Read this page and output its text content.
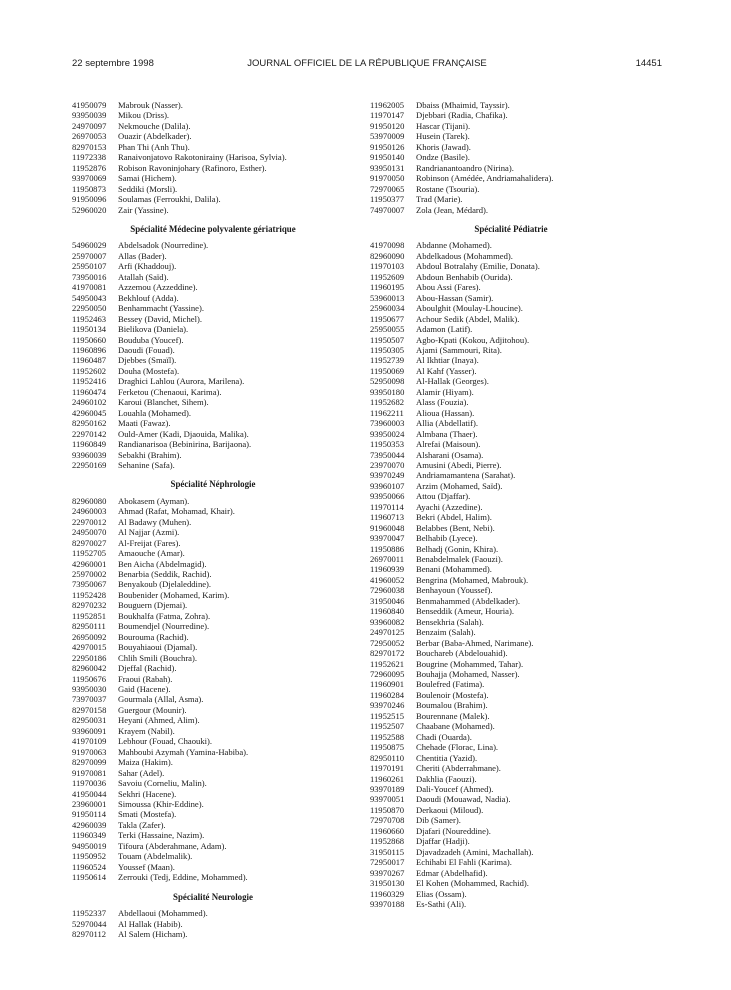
22 septembre 1998	JOURNAL OFFICIEL DE LA RÉPUBLIQUE FRANÇAISE	14451
41950079 Mabrouk (Nasser).
93950039 Mikou (Driss).
24970097 Nekmouche (Dalila).
26970053 Ouazir (Abdelkader).
82970153 Phan Thi (Anh Thu).
11972338 Ranaivonjatovo Rakotonirainy (Harisoa, Sylvia).
11952876 Robison Ravoninjohary (Rafinoro, Esther).
93970069 Samai (Hichem).
11950873 Seddiki (Morsli).
91950096 Soulamas (Ferroukhi, Dalila).
52960020 Zair (Yassine).
Spécialité Médecine polyvalente gériatrique
54960029 Abdelsadok (Nourredine).
25970007 Allas (Bader).
25950107 Arfi (Khaddouj).
73950016 Atallah (Saïd).
41970081 Azzemou (Azzeddine).
54950043 Bekhlouf (Adda).
22950050 Benhammacht (Yassine).
11952463 Bessey (David, Michel).
11950134 Bielikova (Daniela).
11950660 Bouduba (Youcef).
11960896 Daoudi (Fouad).
11960487 Djebbes (Smaïl).
11952602 Douha (Mostefa).
11952416 Draghici Lahlou (Aurora, Marilena).
11960474 Ferketou (Chenaoui, Karima).
24960102 Karoui (Blanchet, Sihem).
42960045 Louahla (Mohamed).
82950162 Maati (Fawaz).
22970142 Ould-Amer (Kadi, Djaouida, Malika).
11960849 Randianarisoa (Bebinirina, Barijaona).
93960039 Sebakhi (Brahim).
22950169 Sehanine (Safa).
Spécialité Néphrologie
82960080 Abokasem (Ayman).
24960003 Ahmad (Rafat, Mohamad, Khair).
22970012 Al Badawy (Muhen).
24950070 Al Najjar (Azmi).
82970027 Al-Freijat (Fares).
11952705 Amaouche (Amar).
42960001 Ben Aicha (Abdelmagid).
25970002 Benarbia (Seddik, Rachid).
73950067 Benyakoub (Djelaleddine).
11952428 Boubenider (Mohamed, Karim).
82970232 Bouguern (Djemai).
11952851 Boukhalfa (Fatma, Zohra).
82950111 Boumendjel (Nourredine).
26950092 Bourouma (Rachid).
42970015 Bouyahiaoui (Djamal).
22950186 Chlih Smili (Bouchra).
82960042 Djeffal (Rachid).
11950676 Fraoui (Rabah).
93950030 Gaid (Hacene).
73970037 Gourmala (Allal, Asma).
82970158 Guergour (Mounir).
82950031 Heyani (Ahmed, Alim).
93960091 Krayem (Nabil).
41970109 Lebhour (Fouad, Chaouki).
91970063 Mahboubi Azymah (Yamina-Habiba).
82970099 Maiza (Hakim).
91970081 Sahar (Adel).
11970036 Savoiu (Corneliu, Malin).
41950044 Sekhri (Hacene).
23960001 Simoussa (Khir-Eddine).
91950114 Smati (Mostefa).
42960039 Takla (Zafer).
11960349 Terki (Hassaine, Nazim).
94950019 Tifoura (Abderahmane, Adam).
11950952 Touam (Abdelmalik).
11960524 Youssef (Maan).
11950614 Zerrouki (Tedj, Eddine, Mohammed).
Spécialité Neurologie
11952337 Abdellaoui (Mohammed).
52970044 Al Hallak (Habib).
82970112 Al Salem (Hicham).
11962005 Dbaiss (Mhaimid, Tayssir).
11970147 Djebbari (Radia, Chafika).
91950120 Hascar (Tijani).
53970009 Husein (Tarek).
91950126 Khoris (Jawad).
91950140 Ondze (Basile).
93950131 Randrianantoandro (Nirina).
91970050 Robinson (Amédée, Andriamahalidera).
72970065 Rostane (Tsouria).
11950377 Trad (Marie).
74970007 Zola (Jean, Médard).
Spécialité Pédiatrie
41970098 Abdanne (Mohamed).
82960090 Abdelkadous (Mohammed).
11970103 Abdoul Botralahy (Emilie, Donata).
11952609 Abdoun Benhabib (Ourida).
11960195 Abou Assi (Fares).
53960013 Abou-Hassan (Samir).
25960034 Aboulghit (Moulay-Lhoucine).
11950677 Achour Sedik (Abdel, Malik).
25950055 Adamon (Latif).
11950507 Agbo-Kpati (Kokou, Adjitohou).
11950305 Ajami (Sammouri, Rita).
11952739 Al Ikhtiar (Inaya).
11950069 Al Kahf (Yasser).
52950098 Al-Hallak (Georges).
93950180 Alamir (Hiyam).
11952682 Alass (Fouzia).
11962211 Alioua (Hassan).
73960003 Allia (Abdellatif).
93950024 Almbana (Thaer).
11950353 Alrefai (Maisoun).
73950044 Alsharani (Osama).
23970070 Amusini (Abedi, Pierre).
93970249 Andriamamantena (Sarahat).
93960107 Arzim (Mohamed, Saïd).
93950066 Attou (Djaffar).
11970114 Ayachi (Azzedine).
11960713 Bekri (Abdel, Halim).
91960048 Belabbes (Bent, Nebi).
93970047 Belhabib (Lyece).
11950886 Belhadj (Gonin, Khira).
26970011 Benabdelmalek (Faouzi).
11960939 Benani (Mohammed).
41960052 Bengrina (Mohamed, Mabrouk).
72960038 Benhayoun (Youssef).
31950046 Benmahammed (Abdelkader).
11960840 Benseddik (Ameur, Houria).
93960082 Bensekhria (Salah).
24970125 Benzaim (Salah).
72950052 Berbar (Baba-Ahmed, Narimane).
82970172 Bouchareb (Abdelouahid).
11952621 Bougrine (Mohammed, Tahar).
72960095 Bouhajja (Mohamed, Nasser).
11960901 Boulefred (Fatima).
11960284 Boulenoir (Mostefa).
93970246 Boumalou (Brahim).
11952515 Bourennane (Malek).
11952507 Chaabane (Mohamed).
11952588 Chadi (Ouarda).
11950875 Chehade (Florac, Lina).
82950110 Chentitia (Yazid).
11970191 Cheriti (Abderrahmane).
11960261 Dakhlia (Faouzi).
93970189 Dali-Youcef (Ahmed).
93970051 Daoudi (Mouawad, Nadia).
11950870 Derkaoui (Miloud).
72970708 Dib (Samer).
11960660 Djafari (Noureddine).
11952868 Djaffar (Hadji).
31950115 Djavadzadeh (Amini, Machallah).
72950017 Echihabi El Fahli (Karima).
93970267 Edmar (Abdelhafid).
31950130 El Kohen (Mohammed, Rachid).
11960329 Elias (Ossam).
93970188 Es-Sathi (Ali).
